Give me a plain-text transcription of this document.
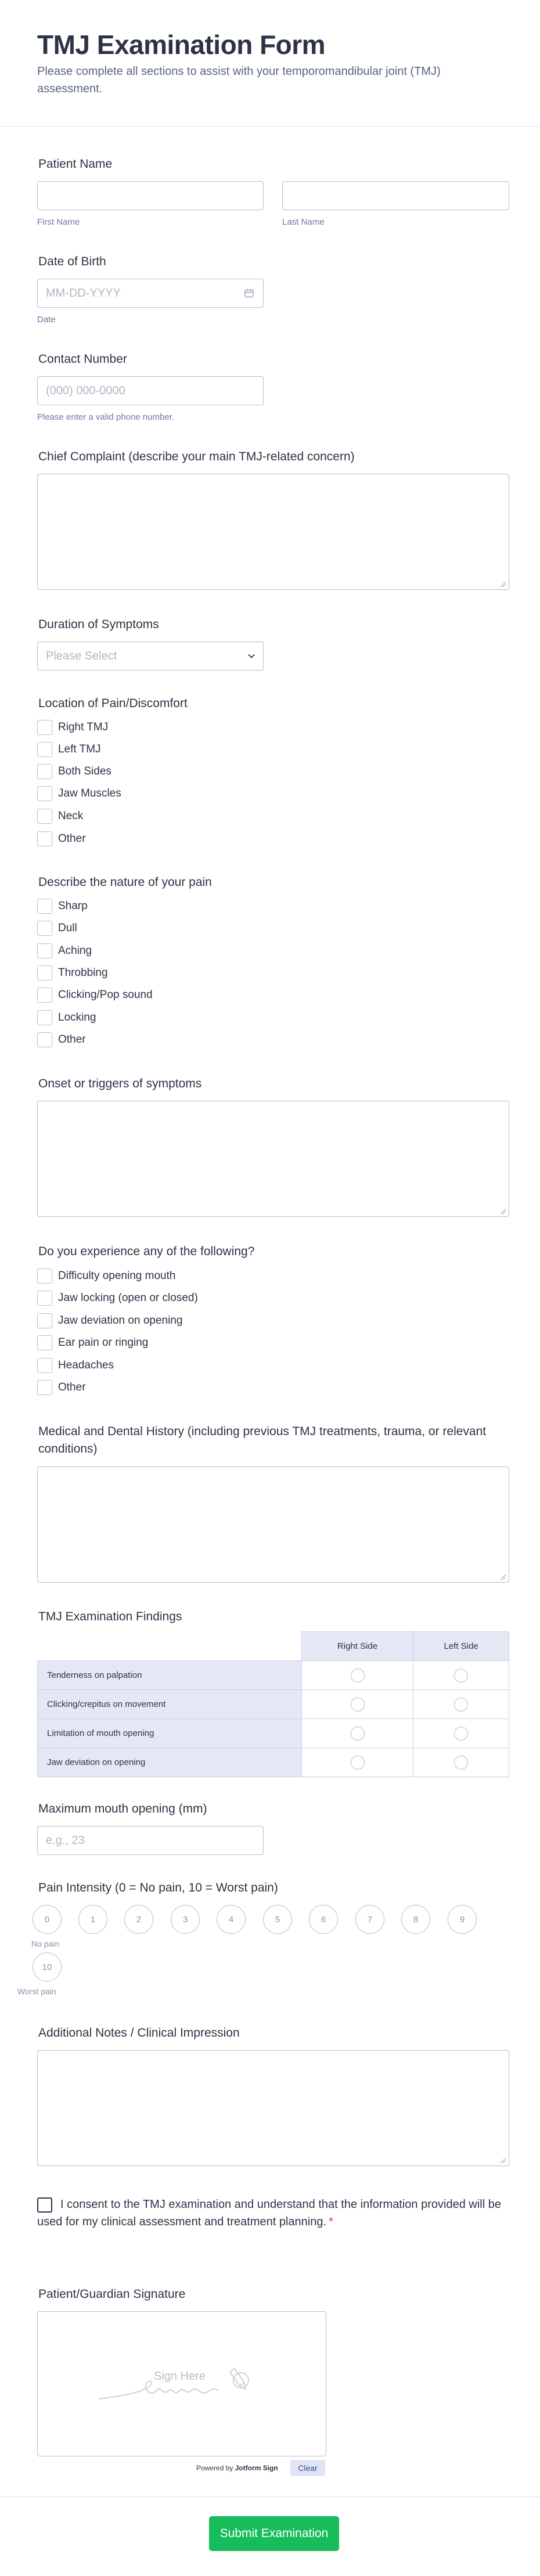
TMJ Examination Form
Please complete all sections to assist with your temporomandibular joint (TMJ) assessment.
Patient Name
First Name	Last Name
Date of Birth
MM-DD-YYYY
Date
Contact Number
(000) 000-0000
Please enter a valid phone number.
Chief Complaint (describe your main TMJ-related concern)
Duration of Symptoms
Please Select
Location of Pain/Discomfort
Right TMJ
Left TMJ
Both Sides
Jaw Muscles
Neck
Other
Describe the nature of your pain
Sharp
Dull
Aching
Throbbing
Clicking/Pop sound
Locking
Other
Onset or triggers of symptoms
Do you experience any of the following?
Difficulty opening mouth
Jaw locking (open or closed)
Jaw deviation on opening
Ear pain or ringing
Headaches
Other
Medical and Dental History (including previous TMJ treatments, trauma, or relevant conditions)
TMJ Examination Findings
	Right Side	Left Side
Tenderness on palpation		
Clicking/crepitus on movement		
Limitation of mouth opening		
Jaw deviation on opening		
Maximum mouth opening (mm)
e.g., 23
Pain Intensity (0 = No pain, 10 = Worst pain)
0	1	2	3	4	5	6	7	8	9
No pain
10
Worst pain
Additional Notes / Clinical Impression
I consent to the TMJ examination and understand that the information provided will be used for my clinical assessment and treatment planning. *
Patient/Guardian Signature
Sign Here
Powered by Jotform Sign	Clear
Submit Examination
